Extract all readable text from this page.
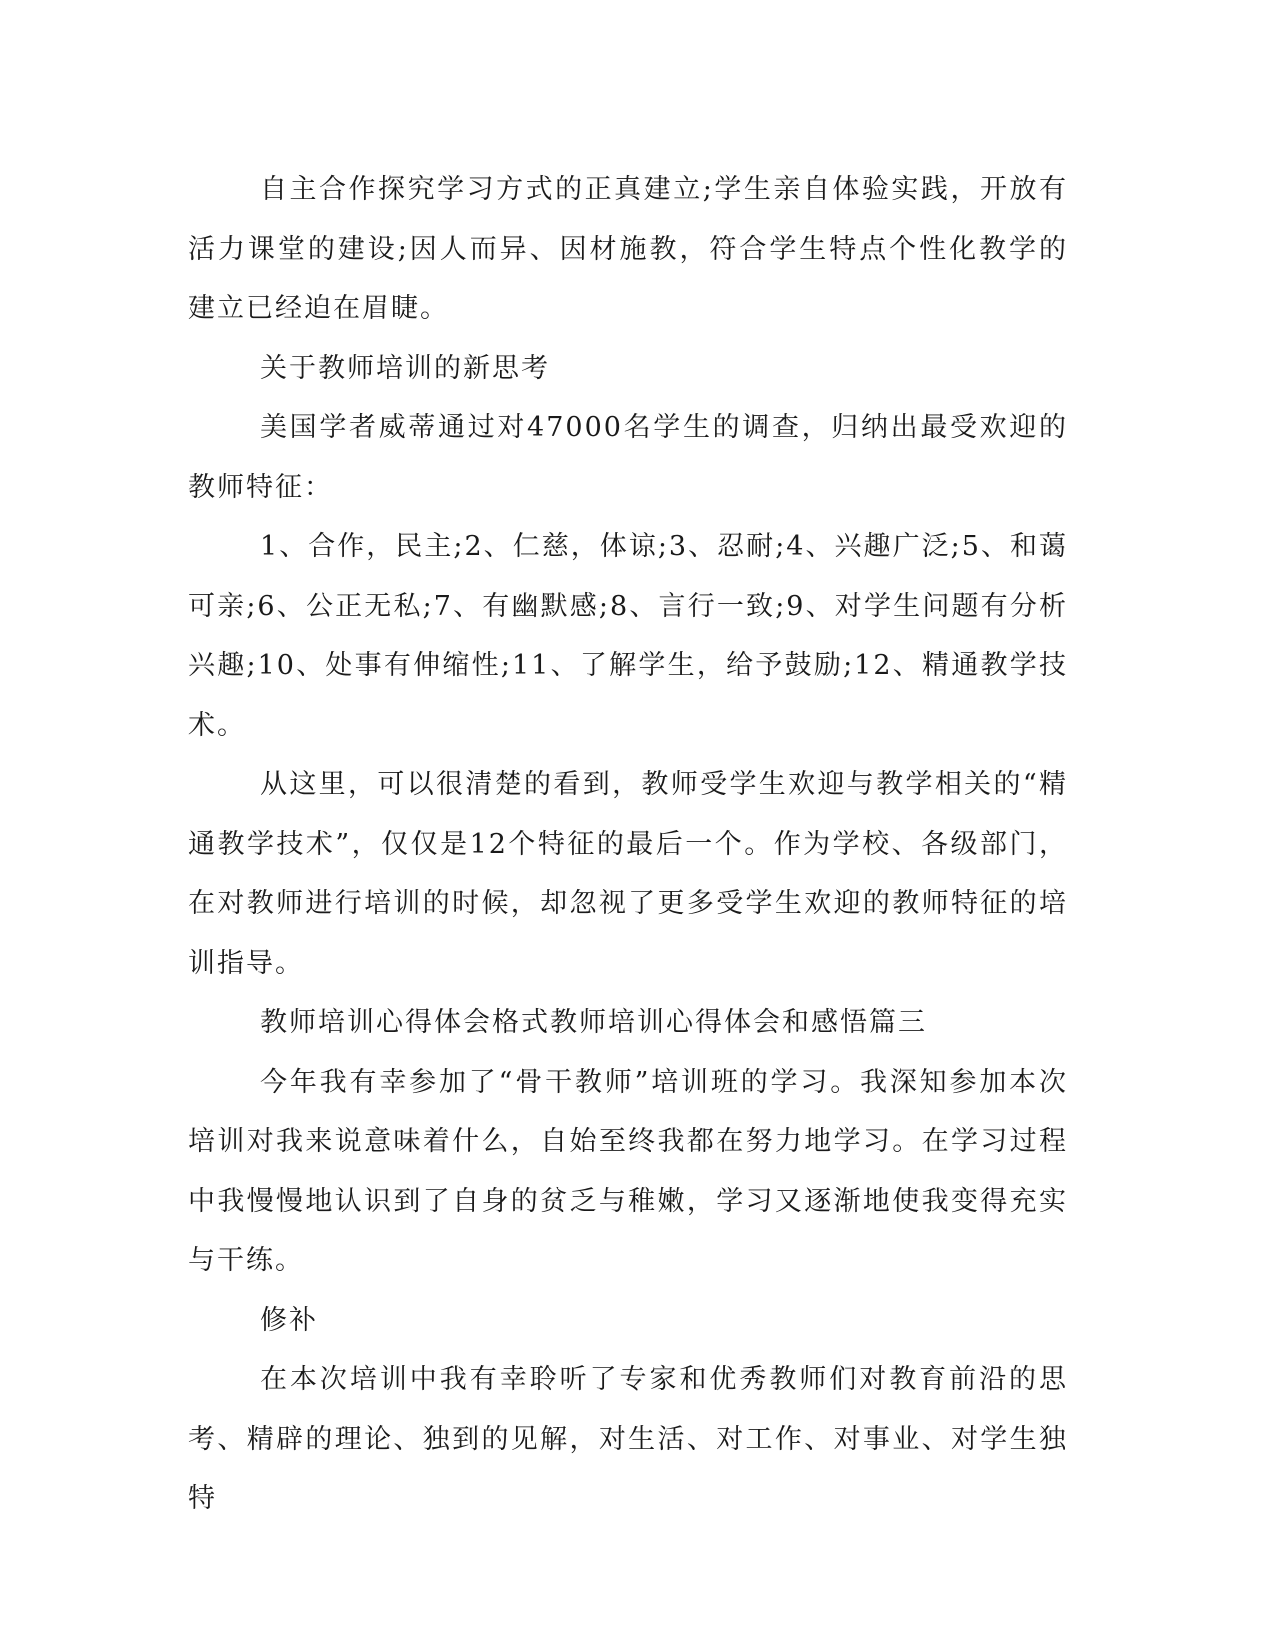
自主合作探究学习方式的正真建立;学生亲自体验实践，开放有活力课堂的建设;因人而异、因材施教，符合学生特点个性化教学的建立已经迫在眉睫。

关于教师培训的新思考

美国学者威蒂通过对47000名学生的调查，归纳出最受欢迎的教师特征：

1、合作，民主;2、仁慈，体谅;3、忍耐;4、兴趣广泛;5、和蔼可亲;6、公正无私;7、有幽默感;8、言行一致;9、对学生问题有分析兴趣;10、处事有伸缩性;11、了解学生，给予鼓励;12、精通教学技术。

从这里，可以很清楚的看到，教师受学生欢迎与教学相关的“精通教学技术”，仅仅是12个特征的最后一个。作为学校、各级部门，在对教师进行培训的时候，却忽视了更多受学生欢迎的教师特征的培训指导。

教师培训心得体会格式教师培训心得体会和感悟篇三

今年我有幸参加了“骨干教师”培训班的学习。我深知参加本次培训对我来说意味着什么，自始至终我都在努力地学习。在学习过程中我慢慢地认识到了自身的贫乏与稚嫩，学习又逐渐地使我变得充实与干练。

修补

在本次培训中我有幸聆听了专家和优秀教师们对教育前沿的思考、精辟的理论、独到的见解，对生活、对工作、对事业、对学生独特
